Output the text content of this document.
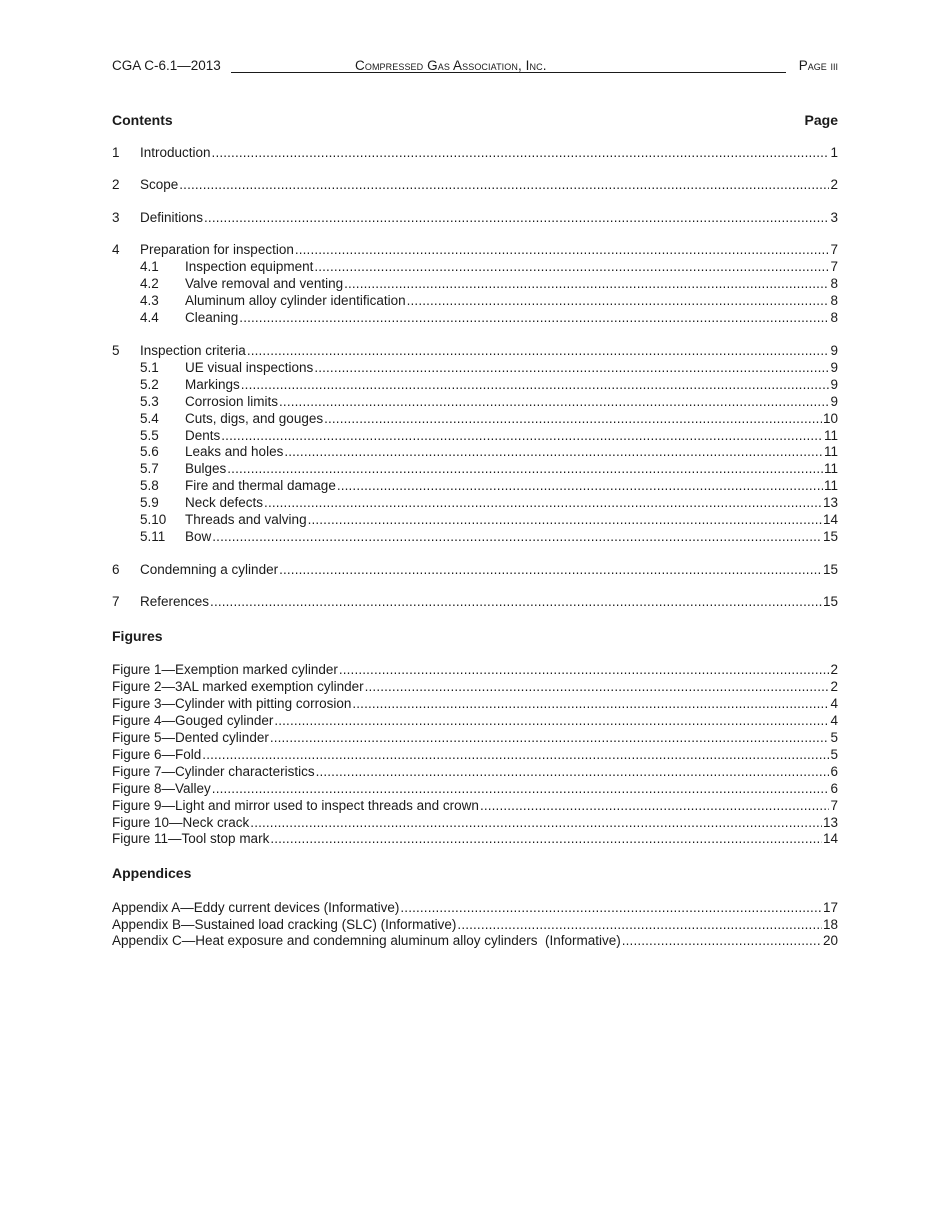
CGA C-6.1—2013	Compressed Gas Association, Inc.	Page iii
Contents	Page
1	Introduction . . .	1
2	Scope . . .	2
3	Definitions . . .	3
4	Preparation for inspection . . .	7
4.1	Inspection equipment . . .	7
4.2	Valve removal and venting . . .	8
4.3	Aluminum alloy cylinder identification . . .	8
4.4	Cleaning . . .	8
5	Inspection criteria . . .	9
5.1	UE visual inspections . . .	9
5.2	Markings . . .	9
5.3	Corrosion limits . . .	9
5.4	Cuts, digs, and gouges . . .	10
5.5	Dents . . .	11
5.6	Leaks and holes . . .	11
5.7	Bulges . . .	11
5.8	Fire and thermal damage . . .	11
5.9	Neck defects . . .	13
5.10	Threads and valving . . .	14
5.11	Bow . . .	15
6	Condemning a cylinder . . .	15
7	References . . .	15
Figures
Figure 1—Exemption marked cylinder . . .	2
Figure 2—3AL marked exemption cylinder . . .	2
Figure 3—Cylinder with pitting corrosion . . .	4
Figure 4—Gouged cylinder . . .	4
Figure 5—Dented cylinder . . .	5
Figure 6—Fold . . .	5
Figure 7—Cylinder characteristics . . .	6
Figure 8—Valley . . .	6
Figure 9—Light and mirror used to inspect threads and crown . . .	7
Figure 10—Neck crack . . .	13
Figure 11—Tool stop mark . . .	14
Appendices
Appendix A—Eddy current devices (Informative) . . .	17
Appendix B—Sustained load cracking (SLC) (Informative) . . .	18
Appendix C—Heat exposure and condemning aluminum alloy cylinders  (Informative) . . .	20
